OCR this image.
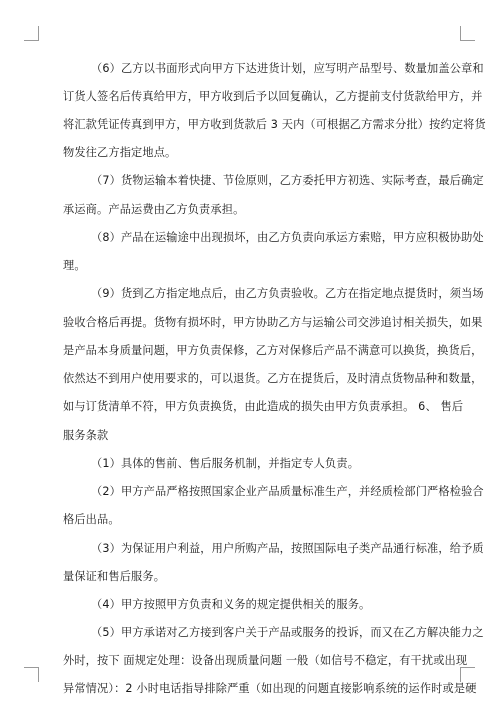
（6）乙方以书面形式向甲方下达进货计划，应写明产品型号、数量加盖公章和
订货人签名后传真给甲方，甲方收到后予以回复确认，乙方提前支付货款给甲方，并
将汇款凭证传真到甲方，甲方收到货款后 3 天内（可根据乙方需求分批）按约定将货
物发往乙方指定地点。
（7）货物运输本着快捷、节俭原则，乙方委托甲方初选、实际考查，最后确定
承运商。产品运费由乙方负责承担。
（8）产品在运输途中出现损坏，由乙方负责向承运方索赔，甲方应积极协助处
理。
（9）货到乙方指定地点后，由乙方负责验收。乙方在指定地点提货时，须当场
验收合格后再提。货物有损坏时，甲方协助乙方与运输公司交涉追讨相关损失，如果
是产品本身质量问题，甲方负责保修，乙方对保修后产品不满意可以换货，换货后，
依然达不到用户使用要求的，可以退货。乙方在提货后，及时清点货物品种和数量，
如与订货清单不符，甲方负责换货，由此造成的损失由甲方负责承担。 6、 售后
服务条款
（1）具体的售前、售后服务机制，并指定专人负责。
（2）甲方产品严格按照国家企业产品质量标准生产，并经质检部门严格检验合
格后出品。
（3）为保证用户利益，用户所购产品，按照国际电子类产品通行标准，给予质
量保证和售后服务。
（4）甲方按照甲方负责和义务的规定提供相关的服务。
（5）甲方承诺对乙方接到客户关于产品或服务的投诉，而又在乙方解决能力之
外时，按下 面规定处理：设备出现质量问题 一般（如信号不稳定，有干扰或出现
异常情况）：2 小时电话指导排除严重（如出现的问题直接影响系统的运作时或是硬
